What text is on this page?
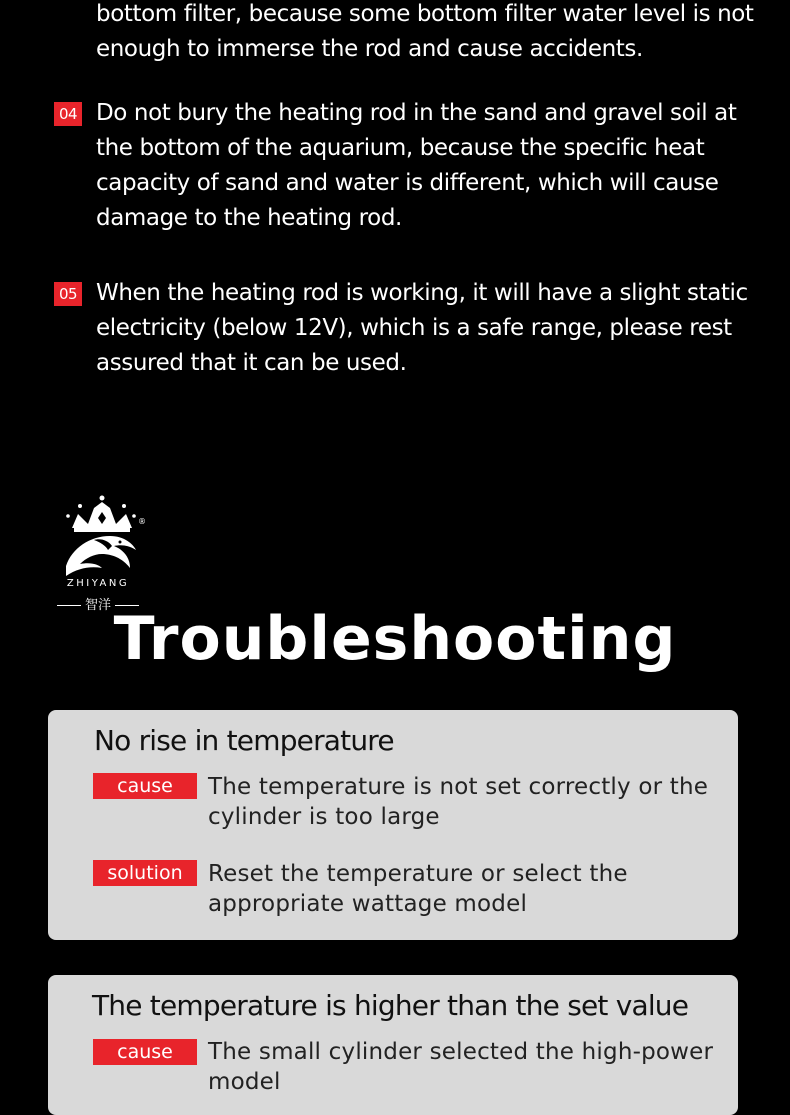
bottom filter, because some bottom filter water level is not enough to immerse the rod and cause accidents.
04 Do not bury the heating rod in the sand and gravel soil at the bottom of the aquarium, because the specific heat capacity of sand and water is different, which will cause damage to the heating rod.
05 When the heating rod is working, it will have a slight static electricity (below 12V), which is a safe range, please rest assured that it can be used.
®
ZHIYANG
智洋 Troubleshooting
No rise in temperature
cause	The temperature is not set correctly or the cylinder is too large
solution	Reset the temperature or select the appropriate wattage model
The temperature is higher than the set value
cause	The small cylinder selected the high-power model
